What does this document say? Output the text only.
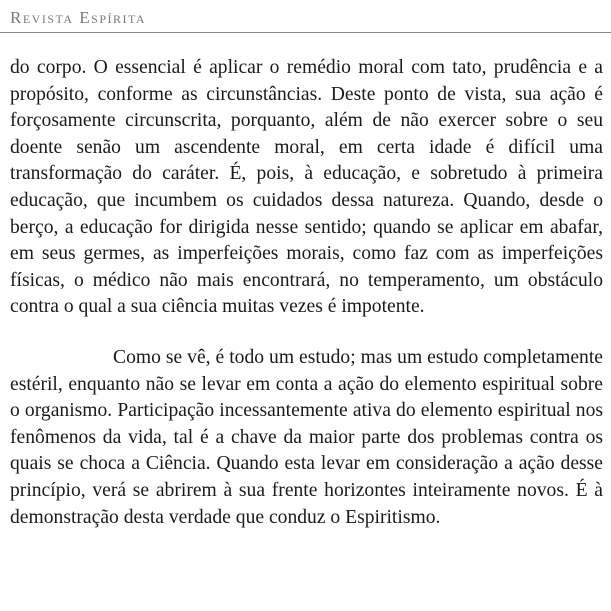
Revista Espírita

do corpo. O essencial é aplicar o remédio moral com tato, prudência e a propósito, conforme as circunstâncias. Deste ponto de vista, sua ação é forçosamente circunscrita, porquanto, além de não exercer sobre o seu doente senão um ascendente moral, em certa idade é difícil uma transformação do caráter. É, pois, à educação, e sobretudo à primeira educação, que incumbem os cuidados dessa natureza. Quando, desde o berço, a educação for dirigida nesse sentido; quando se aplicar em abafar, em seus germes, as imperfeições morais, como faz com as imperfeições físicas, o médico não mais encontrará, no temperamento, um obstáculo contra o qual a sua ciência muitas vezes é impotente.

Como se vê, é todo um estudo; mas um estudo completamente estéril, enquanto não se levar em conta a ação do elemento espiritual sobre o organismo. Participação incessantemente ativa do elemento espiritual nos fenômenos da vida, tal é a chave da maior parte dos problemas contra os quais se choca a Ciência. Quando esta levar em consideração a ação desse princípio, verá se abrirem à sua frente horizontes inteiramente novos. É à demonstração desta verdade que conduz o Espiritismo.
